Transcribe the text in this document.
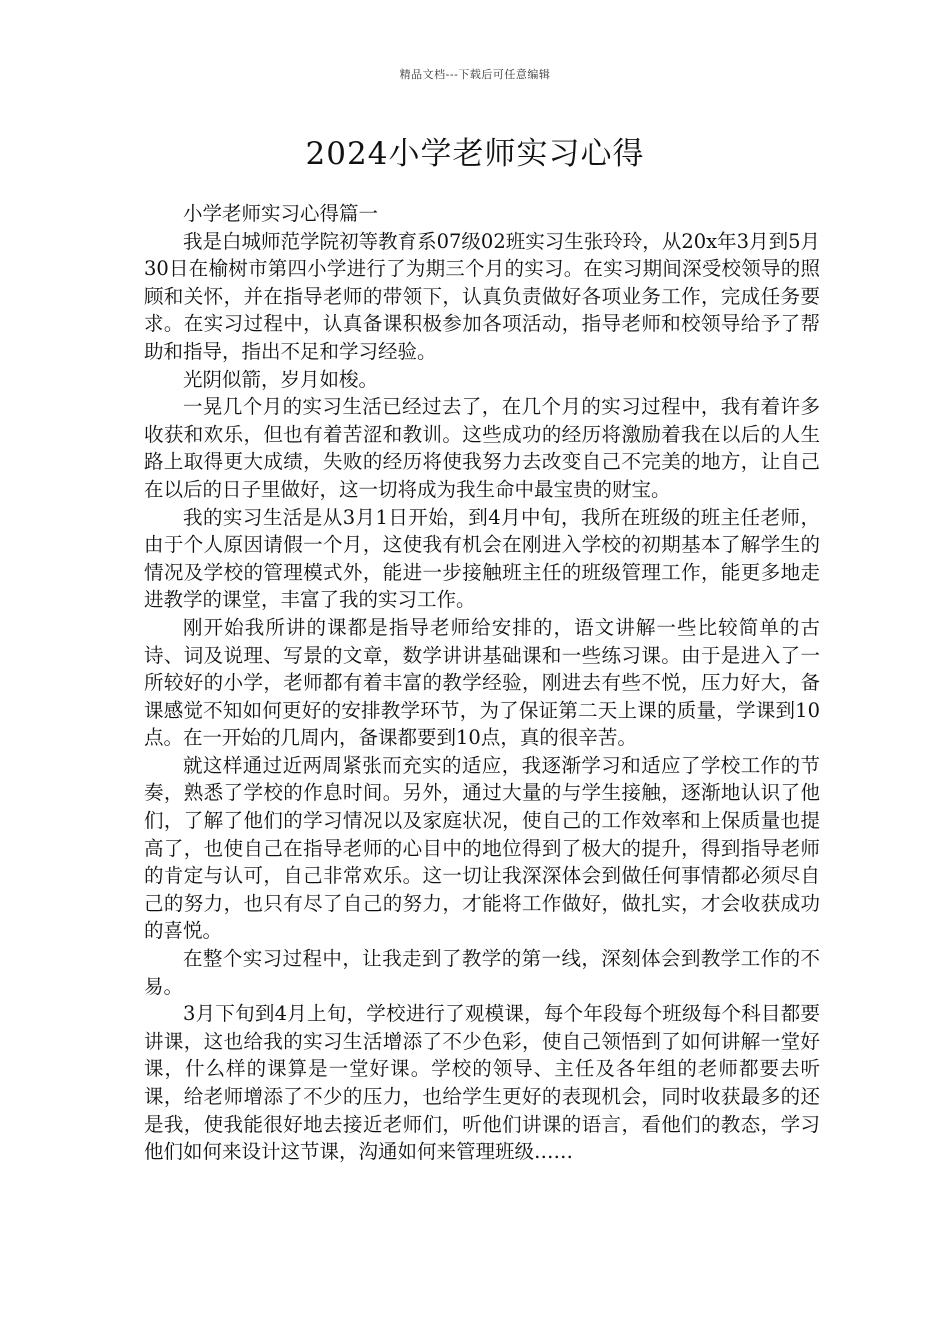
精品文档---下载后可任意编辑
2024小学老师实习心得

小学老师实习心得篇一

我是白城师范学院初等教育系07级02班实习生张玲玲，从20x年3月到5月30日在榆树市第四小学进行了为期三个月的实习。在实习期间深受校领导的照顾和关怀，并在指导老师的带领下，认真负责做好各项业务工作，完成任务要求。在实习过程中，认真备课积极参加各项活动，指导老师和校领导给予了帮助和指导，指出不足和学习经验。

光阴似箭，岁月如梭。

一晃几个月的实习生活已经过去了，在几个月的实习过程中，我有着许多收获和欢乐，但也有着苦涩和教训。这些成功的经历将激励着我在以后的人生路上取得更大成绩，失败的经历将使我努力去改变自己不完美的地方，让自己在以后的日子里做好，这一切将成为我生命中最宝贵的财宝。

我的实习生活是从3月1日开始，到4月中旬，我所在班级的班主任老师，由于个人原因请假一个月，这使我有机会在刚进入学校的初期基本了解学生的情况及学校的管理模式外，能进一步接触班主任的班级管理工作，能更多地走进教学的课堂，丰富了我的实习工作。

刚开始我所讲的课都是指导老师给安排的，语文讲解一些比较简单的古诗、词及说理、写景的文章，数学讲讲基础课和一些练习课。由于是进入了一所较好的小学，老师都有着丰富的教学经验，刚进去有些不悦，压力好大，备课感觉不知如何更好的安排教学环节，为了保证第二天上课的质量，学课到10点。在一开始的几周内，备课都要到10点，真的很辛苦。

就这样通过近两周紧张而充实的适应，我逐渐学习和适应了学校工作的节奏，熟悉了学校的作息时间。另外，通过大量的与学生接触，逐渐地认识了他们，了解了他们的学习情况以及家庭状况，使自己的工作效率和上保质量也提高了，也使自己在指导老师的心目中的地位得到了极大的提升，得到指导老师的肯定与认可，自己非常欢乐。这一切让我深深体会到做任何事情都必须尽自己的努力，也只有尽了自己的努力，才能将工作做好，做扎实，才会收获成功的喜悦。

在整个实习过程中，让我走到了教学的第一线，深刻体会到教学工作的不易。

3月下旬到4月上旬，学校进行了观模课，每个年段每个班级每个科目都要讲课，这也给我的实习生活增添了不少色彩，使自己领悟到了如何讲解一堂好课，什么样的课算是一堂好课。学校的领导、主任及各年组的老师都要去听课，给老师增添了不少的压力，也给学生更好的表现机会，同时收获最多的还是我，使我能很好地去接近老师们，听他们讲课的语言，看他们的教态，学习他们如何来设计这节课，沟通如何来管理班级……
